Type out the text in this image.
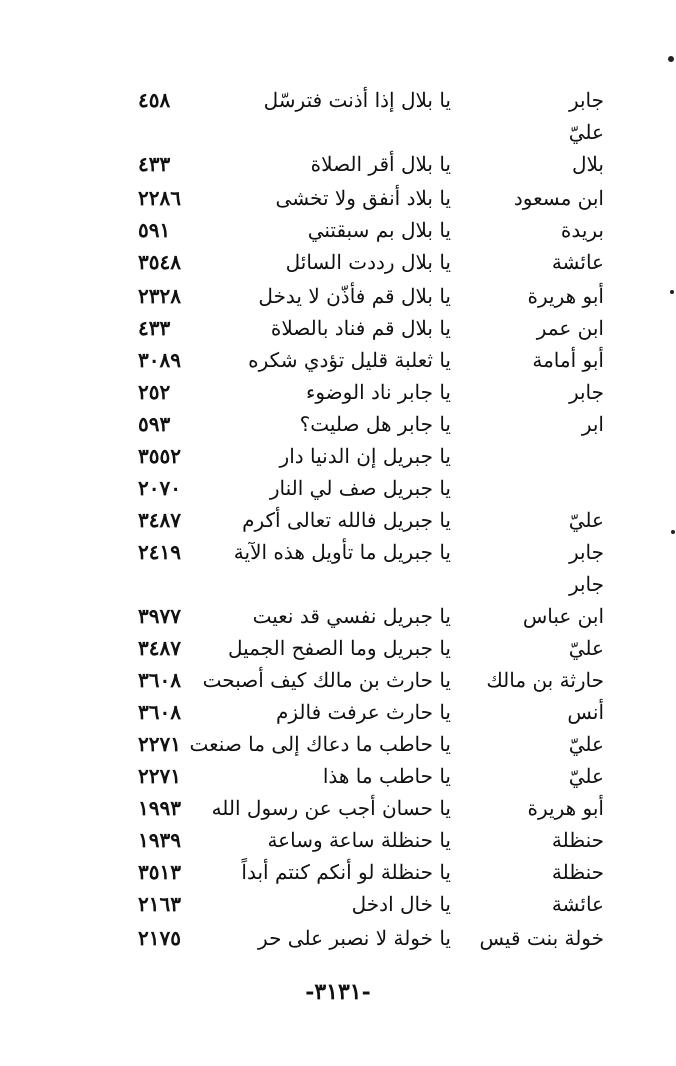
جابر
يا بلال إذا أذنت فترسّل
٤٥٨
عليّ
بلال
يا بلال أقر الصلاة
٤٣٣
ابن مسعود
يا بلاد أنفق ولا تخشى
٢٢٨٦
بريدة
يا بلال بم سبقتني
٥٩١
عائشة
يا بلال رددت السائل
٣٥٤٨
أبو هريرة
يا بلال قم فأذّن لا يدخل
٢٣٢٨
ابن عمر
يا بلال قم فناد بالصلاة
٤٣٣
أبو أمامة
يا ثعلبة قليل تؤدي شكره
٣٠٨٩
جابر
يا جابر ناد الوضوء
٢٥٢
ابر
يا جابر هل صليت؟
٥٩٣
يا جبريل إن الدنيا دار
٣٥٥٢
يا جبريل صف لي النار
٢٠٧٠
عليّ
يا جبريل فالله تعالى أكرم
٣٤٨٧
جابر
يا جبريل ما تأويل هذه الآية
٢٤١٩
جابر
ابن عباس
يا جبريل نفسي قد نعيت
٣٩٧٧
عليّ
يا جبريل وما الصفح الجميل
٣٤٨٧
حارثة بن مالك
يا حارث بن مالك كيف أصبحت
٣٦٠٨
أنس
يا حارث عرفت فالزم
٣٦٠٨
عليّ
يا حاطب ما دعاك إلى ما صنعت
٢٢٧١
عليّ
يا حاطب ما هذا
٢٢٧١
أبو هريرة
يا حسان أجب عن رسول الله
١٩٩٣
حنظلة
يا حنظلة ساعة وساعة
١٩٣٩
حنظلة
يا حنظلة لو أنكم كنتم أبداً
٣٥١٣
عائشة
يا خال ادخل
٢١٦٣
خولة بنت قيس
يا خولة لا نصبر على حر
٢١٧٥
-٣١٣١-
